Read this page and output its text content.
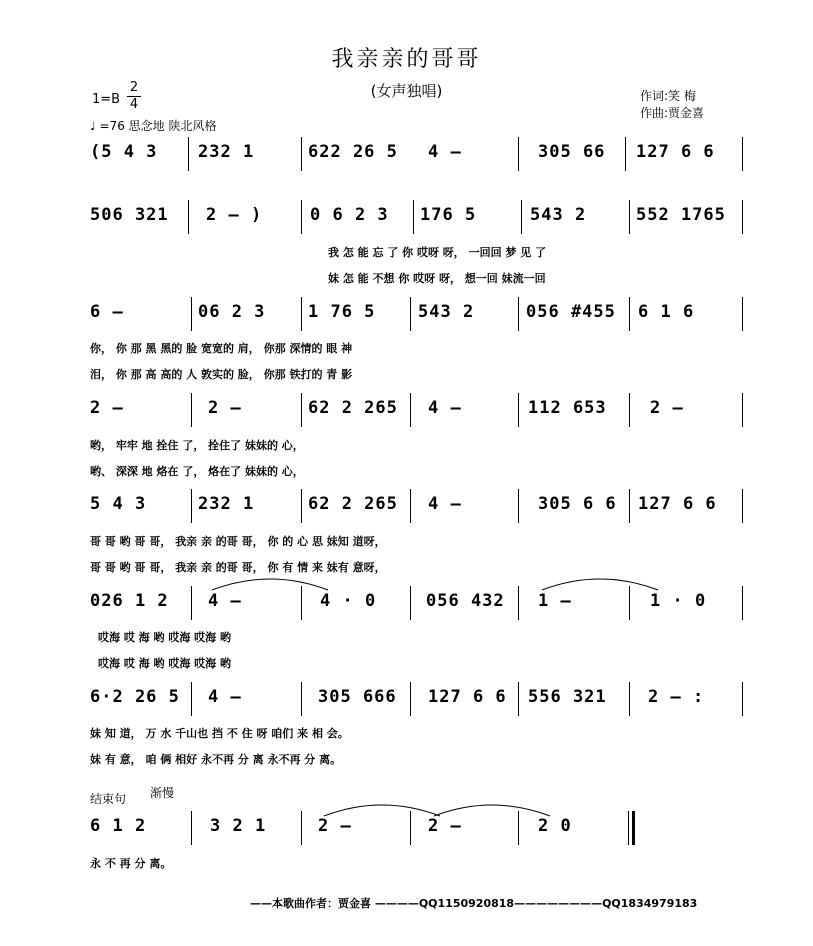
我亲亲的哥哥
(女声独唱)
1=B
2
4
♩ =76 思念地 陕北风格
作词:笑 梅
作曲:贾金喜
(5 4 3 232 1	622 26 5 4 –	305 66 127 6 6
506 321 2 – )	0 6 2 3 176 5	543 2	552 1765
我 怎 能 忘 了 你 哎呀 呀， 一回回 梦 见 了
妹 怎 能 不想 你 哎呀 呀， 想一回 妹流一回
6 –	06 2 3	1 76 5	543 2	056 #455 6 1 6
你， 你 那 黑 黑的 脸 宽宽的 肩， 你那 深情的 眼 神
泪， 你 那 高 高的 人 敦实的 脸， 你那 铁打的 青 影
2 –	2 –	62 2 265 4 –	112 653	2 –
哟， 牢牢 地 拴住 了， 拴住了 妹妹的 心，
哟、 深深 地 烙在 了， 烙在了 妹妹的 心，
5 4 3	232 1	62 2 265 4 –	305 6 6 127 6 6
哥 哥 哟 哥 哥， 我亲 亲 的哥 哥， 你 的 心 思 妹知 道呀，
哥 哥 哟 哥 哥， 我亲 亲 的哥 哥， 你 有 情 来 妹有 意呀，
026 1 2 4 –	4 · 0	056 432 1 –	1 · 0
哎海 哎 海 哟 哎海 哎海 哟
哎海 哎 海 哟 哎海 哎海 哟
6·2 26 5 4 –	305 666 127 6 6 556 321 2 – :
妹 知 道， 万 水 千山也 挡 不 住 呀 咱们 来 相 会。
妹 有 意， 咱 俩 相好 永不再 分 离 永不再 分 离。
结束句 渐慢
6 1 2	3 2 1	2 –	2 –	2 0
永 不 再 分 离。
——本歌曲作者：贾金喜 ————QQ1150920818————————QQ1834979183
